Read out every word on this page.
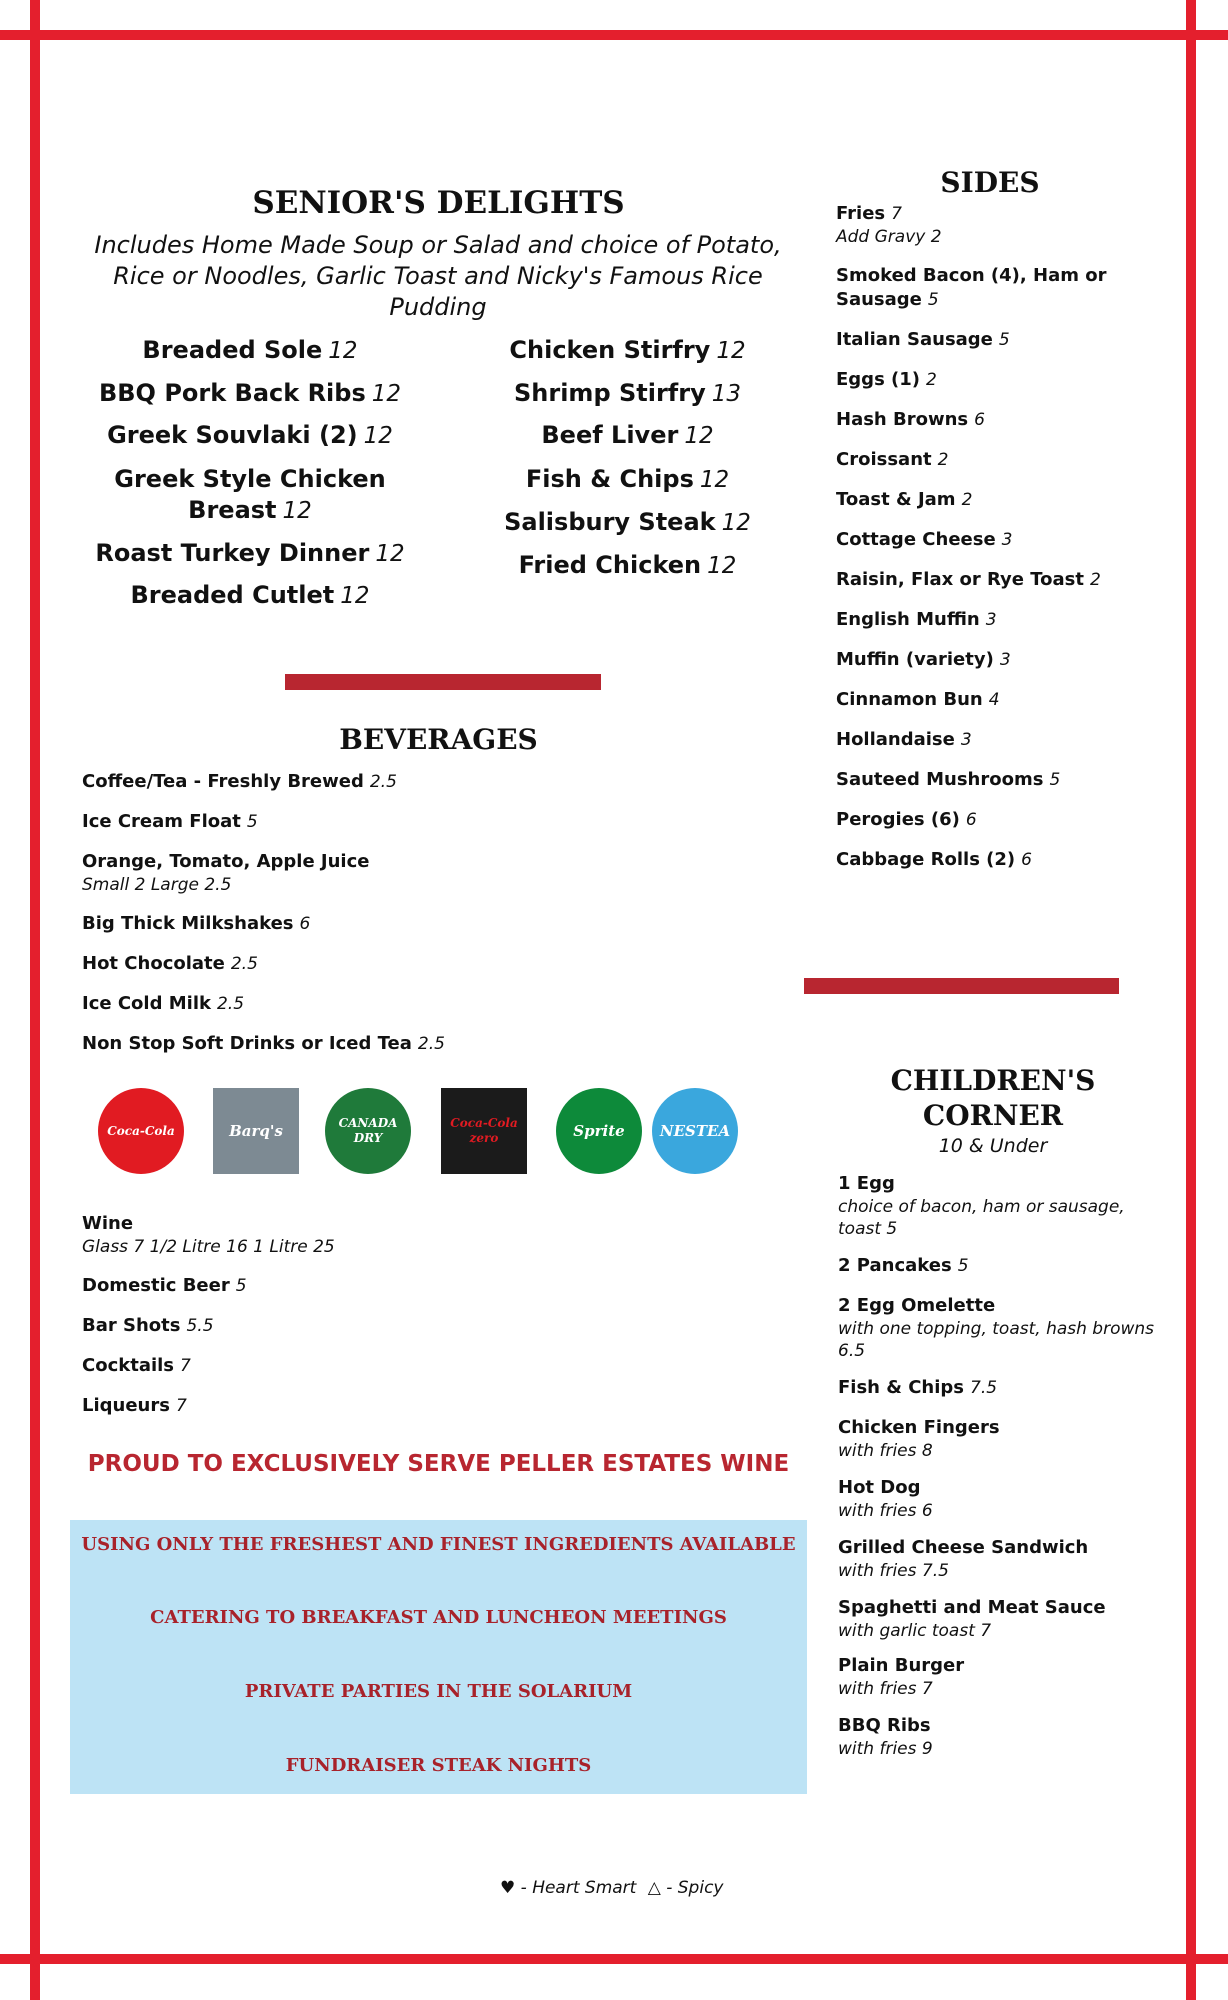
SENIOR'S DELIGHTS
Includes Home Made Soup or Salad and choice of Potato, Rice or Noodles, Garlic Toast and Nicky's Famous Rice Pudding
Breaded Sole 12
BBQ Pork Back Ribs 12
Greek Souvlaki (2) 12
Greek Style Chicken Breast 12
Roast Turkey Dinner 12
Breaded Cutlet 12
Chicken Stirfry 12
Shrimp Stirfry 13
Beef Liver 12
Fish & Chips 12
Salisbury Steak 12
Fried Chicken 12
BEVERAGES
Coffee/Tea - Freshly Brewed 2.5
Ice Cream Float 5
Orange, Tomato, Apple Juice
Small 2 Large 2.5
Big Thick Milkshakes 6
Hot Chocolate 2.5
Ice Cold Milk 2.5
Non Stop Soft Drinks or Iced Tea 2.5
Coca-Cola	Barq's	CANADA DRY
Coca-Cola zero	Sprite NESTEA
Wine
Glass 7 1/2 Litre 16 1 Litre 25
Domestic Beer 5
Bar Shots 5.5
Cocktails 7
Liqueurs 7
PROUD TO EXCLUSIVELY SERVE PELLER ESTATES WINE
USING ONLY THE FRESHEST AND FINEST INGREDIENTS AVAILABLE
CATERING TO BREAKFAST AND LUNCHEON MEETINGS
PRIVATE PARTIES IN THE SOLARIUM
FUNDRAISER STEAK NIGHTS
SIDES
Fries 7
Add Gravy 2
Smoked Bacon (4), Ham or Sausage 5
Italian Sausage 5
Eggs (1) 2
Hash Browns 6
Croissant 2
Toast & Jam 2
Cottage Cheese 3
Raisin, Flax or Rye Toast 2
English Muffin 3
Muffin (variety) 3
Cinnamon Bun 4
Hollandaise 3
Sauteed Mushrooms 5
Perogies (6) 6
Cabbage Rolls (2) 6
CHILDREN'S
CORNER
10 & Under
1 Egg
choice of bacon, ham or sausage, toast 5
2 Pancakes 5
2 Egg Omelette
with one topping, toast, hash browns 6.5
Fish & Chips 7.5
Chicken Fingers
with fries 8
Hot Dog
with fries 6
Grilled Cheese Sandwich
with fries 7.5
Spaghetti and Meat Sauce
with garlic toast 7
Plain Burger
with fries 7
BBQ Ribs
with fries 9
♥ - Heart Smart △ - Spicy
